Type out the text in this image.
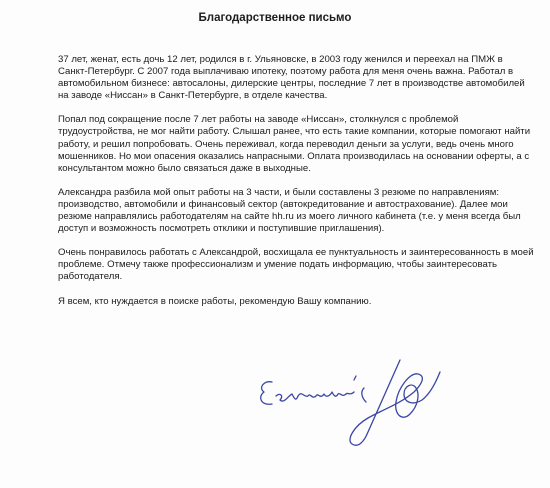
Благодарственное письмо

37 лет, женат, есть дочь 12 лет, родился в г. Ульяновске, в 2003 году женился и переехал на ПМЖ в Санкт-Петербург. С 2007 года выплачиваю ипотеку, поэтому работа для меня очень важна. Работал в автомобильном бизнесе: автосалоны, дилерские центры, последние 7 лет в производстве автомобилей на заводе «Ниссан» в Санкт-Петербурге, в отделе качества.

Попал под сокращение после 7 лет работы на заводе «Ниссан», столкнулся с проблемой трудоустройства, не мог найти работу. Слышал ранее, что есть такие компании, которые помогают найти работу, и решил попробовать. Очень переживал, когда переводил деньги за услуги, ведь очень много мошенников. Но мои опасения оказались напрасными. Оплата производилась на основании оферты, а с консультантом можно было связаться даже в выходные.

Александра разбила мой опыт работы на 3 части, и были составлены 3 резюме по направлениям: производство, автомобили и финансовый сектор (автокредитование и автострахование). Далее мои резюме направлялись работодателям на сайте hh.ru из моего личного кабинета (т.е. у меня всегда был доступ и возможность посмотреть отклики и поступившие приглашения).

Очень понравилось работать с Александрой, восхищала ее пунктуальность и заинтересованность в моей проблеме. Отмечу также профессионализм и умение подать информацию, чтобы заинтересовать работодателя.

Я всем, кто нуждается в поиске работы, рекомендую Вашу компанию.
